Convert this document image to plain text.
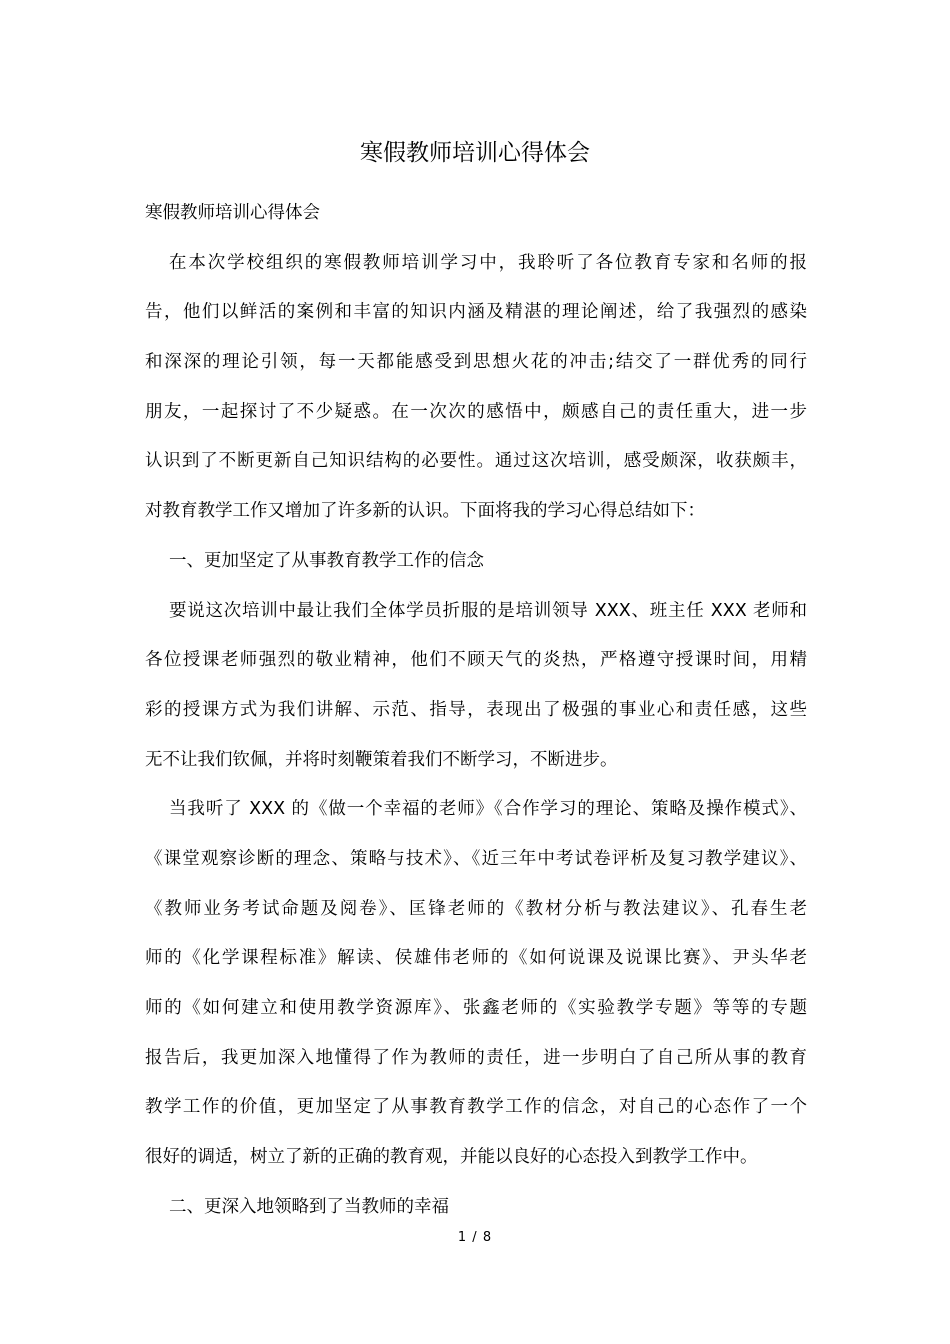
寒假教师培训心得体会
寒假教师培训心得体会
在本次学校组织的寒假教师培训学习中，我聆听了各位教育专家和名师的报
告，他们以鲜活的案例和丰富的知识内涵及精湛的理论阐述，给了我强烈的感染
和深深的理论引领，每一天都能感受到思想火花的冲击;结交了一群优秀的同行
朋友，一起探讨了不少疑惑。在一次次的感悟中，颇感自己的责任重大，进一步
认识到了不断更新自己知识结构的必要性。通过这次培训，感受颇深，收获颇丰，
对教育教学工作又增加了许多新的认识。下面将我的学习心得总结如下：
一、更加坚定了从事教育教学工作的信念
要说这次培训中最让我们全体学员折服的是培训领导 XXX、班主任 XXX 老师和
各位授课老师强烈的敬业精神，他们不顾天气的炎热，严格遵守授课时间，用精
彩的授课方式为我们讲解、示范、指导，表现出了极强的事业心和责任感，这些
无不让我们钦佩，并将时刻鞭策着我们不断学习，不断进步。
当我听了 XXX 的《做一个幸福的老师》《合作学习的理论、策略及操作模式》、
《课堂观察诊断的理念、策略与技术》、《近三年中考试卷评析及复习教学建议》、
《教师业务考试命题及阅卷》、匡锋老师的《教材分析与教法建议》、孔春生老
师的《化学课程标准》解读、侯雄伟老师的《如何说课及说课比赛》、尹头华老
师的《如何建立和使用教学资源库》、张鑫老师的《实验教学专题》等等的专题
报告后，我更加深入地懂得了作为教师的责任，进一步明白了自己所从事的教育
教学工作的价值，更加坚定了从事教育教学工作的信念，对自己的心态作了一个
很好的调适，树立了新的正确的教育观，并能以良好的心态投入到教学工作中。
二、更深入地领略到了当教师的幸福
1 / 8
